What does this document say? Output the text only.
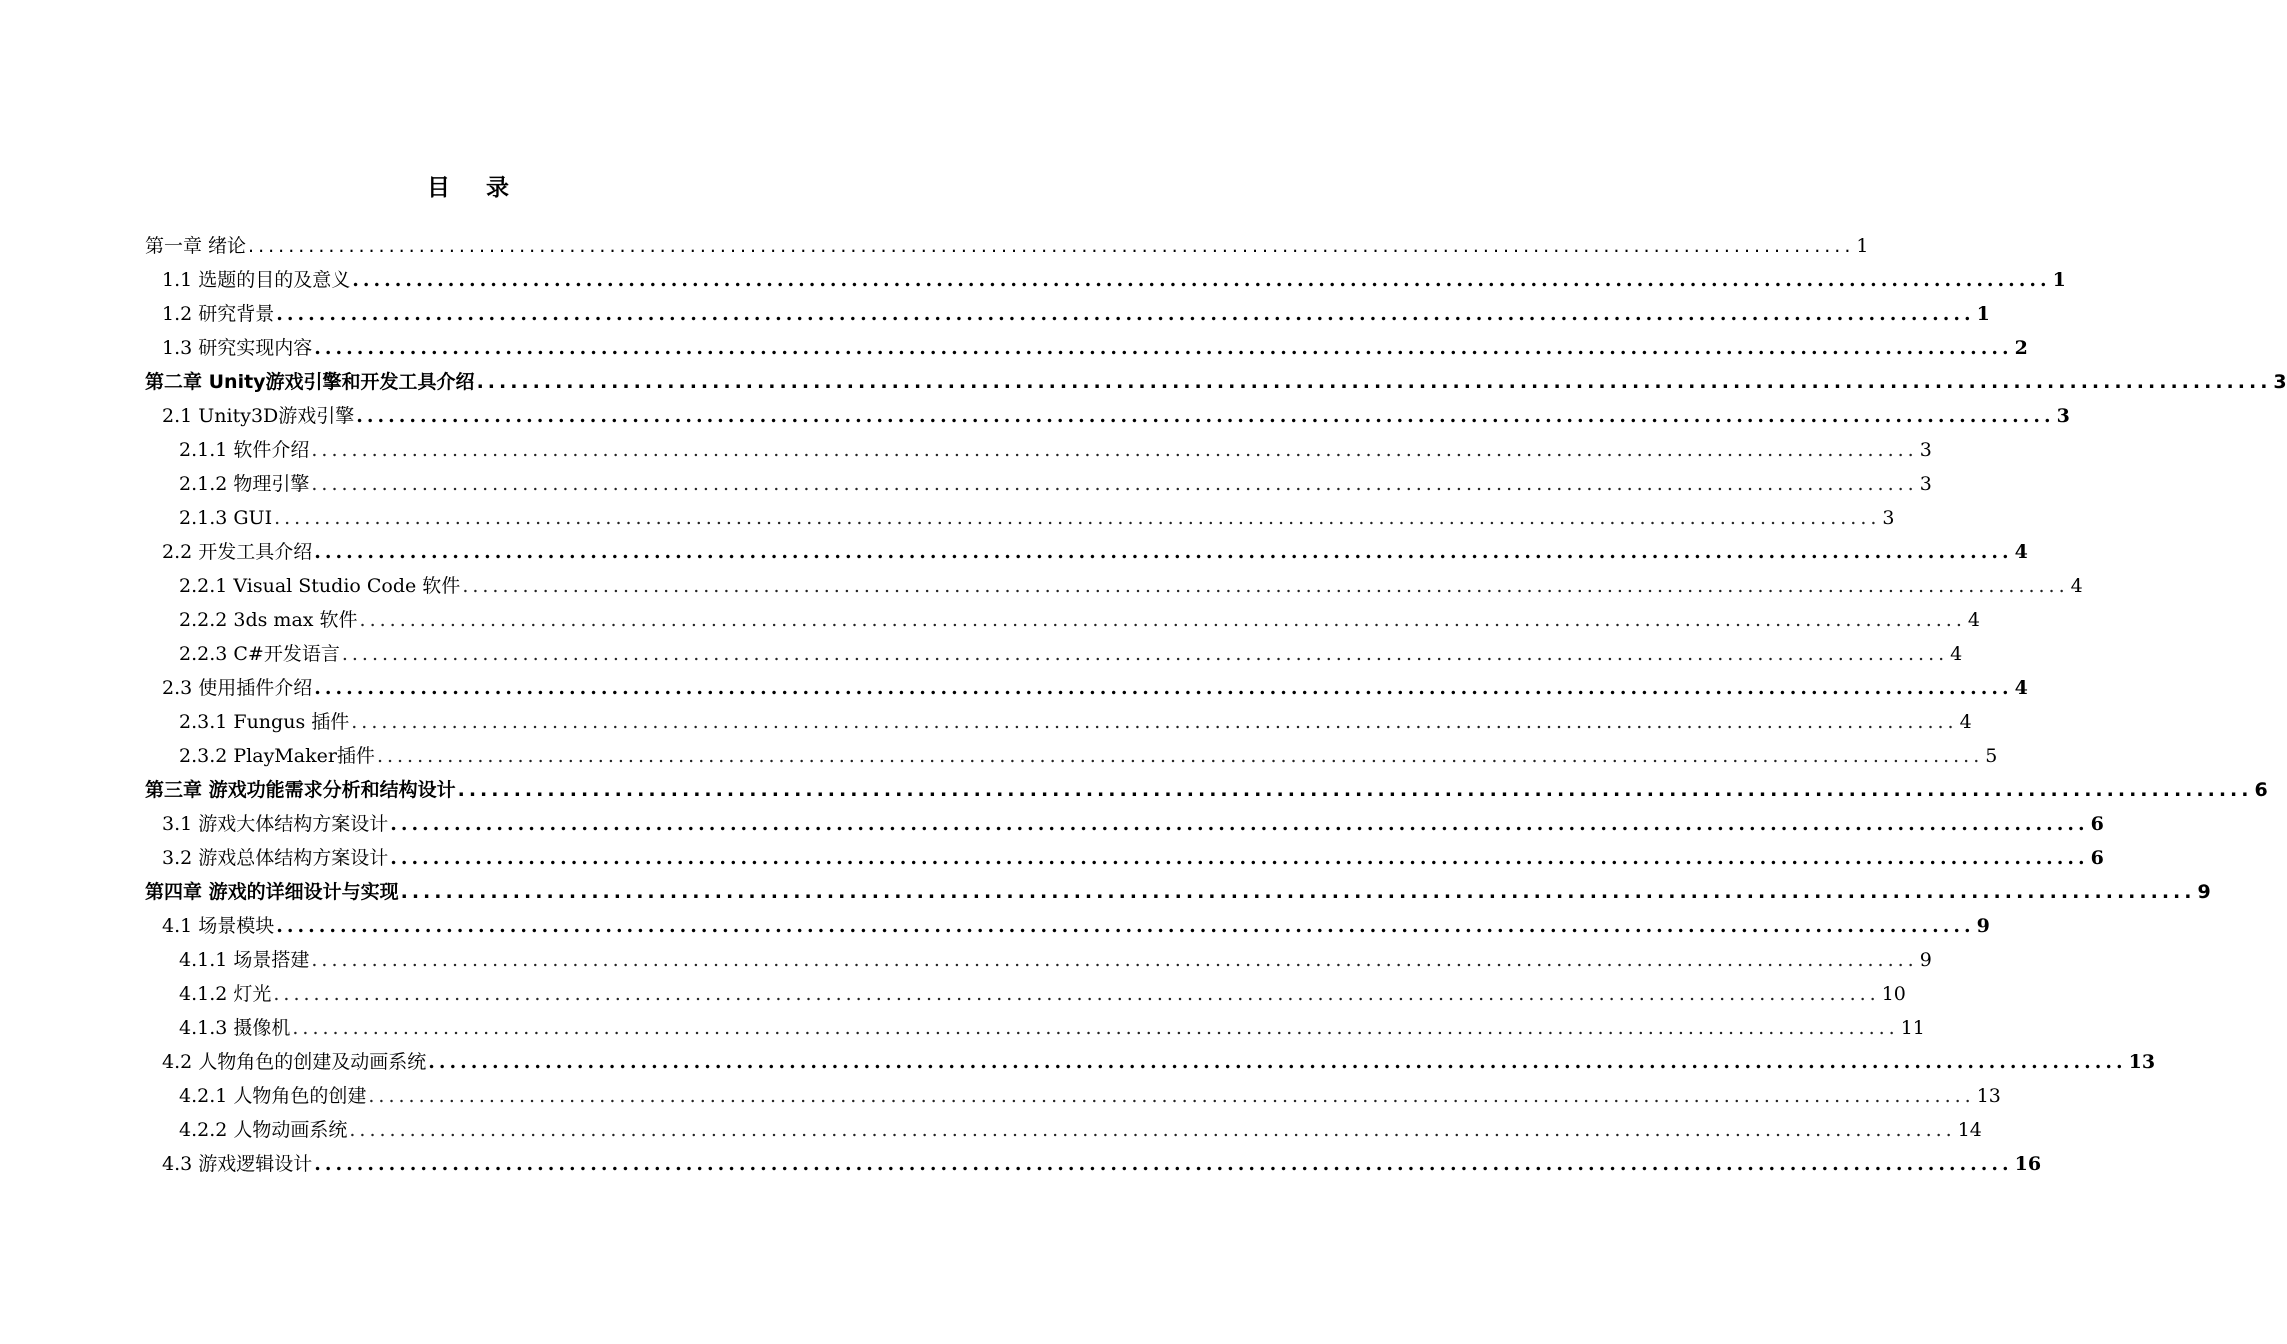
目 录
第一章 绪论 ................................................................................................................................................................ 1
1.1 选题的目的及意义 ................................................................................................................................................................ 1
1.2 研究背景 ................................................................................................................................................................ 1
1.3 研究实现内容 ................................................................................................................................................................ 2
第二章 Unity游戏引擎和开发工具介绍 ................................................................................................................................................................ 3
2.1 Unity3D游戏引擎 ................................................................................................................................................................ 3
2.1.1 软件介绍 ................................................................................................................................................................ 3
2.1.2 物理引擎 ................................................................................................................................................................ 3
2.1.3 GUI ................................................................................................................................................................ 3
2.2 开发工具介绍 ................................................................................................................................................................ 4
2.2.1 Visual Studio Code 软件 ................................................................................................................................................................ 4
2.2.2 3ds max 软件 ................................................................................................................................................................ 4
2.2.3 C#开发语言 ................................................................................................................................................................ 4
2.3 使用插件介绍 ................................................................................................................................................................ 4
2.3.1 Fungus 插件 ................................................................................................................................................................ 4
2.3.2 PlayMaker插件 ................................................................................................................................................................ 5
第三章 游戏功能需求分析和结构设计 ................................................................................................................................................................ 6
3.1 游戏大体结构方案设计 ................................................................................................................................................................ 6
3.2 游戏总体结构方案设计 ................................................................................................................................................................ 6
第四章 游戏的详细设计与实现 ................................................................................................................................................................ 9
4.1 场景模块 ................................................................................................................................................................ 9
4.1.1 场景搭建 ................................................................................................................................................................ 9
4.1.2 灯光 ................................................................................................................................................................ 10
4.1.3 摄像机 ................................................................................................................................................................ 11
4.2 人物角色的创建及动画系统 ................................................................................................................................................................ 13
4.2.1 人物角色的创建 ................................................................................................................................................................ 13
4.2.2 人物动画系统 ................................................................................................................................................................ 14
4.3 游戏逻辑设计 ................................................................................................................................................................ 16
